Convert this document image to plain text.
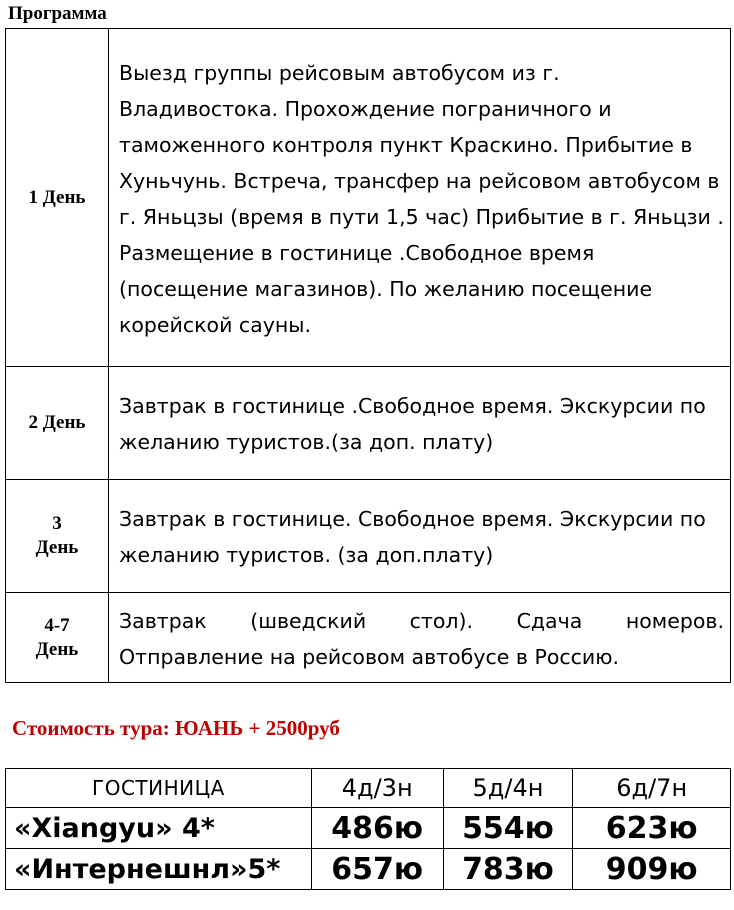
Программа
1 День	Выезд группы рейсовым автобусом из г. Владивостока. Прохождение пограничного и таможенного контроля пункт Краскино. Прибытие в Хуньчунь. Встреча, трансфер на рейсовом автобусом в г. Яньцзы (время в пути 1,5 час) Прибытие в г. Яньцзи . Размещение в гостинице .Свободное время (посещение магазинов). По желанию посещение корейской сауны.
2 День	Завтрак в гостинице .Свободное время. Экскурсии по желанию туристов.(за доп. плату)
3
День	Завтрак в гостинице. Свободное время. Экскурсии по желанию туристов. (за доп.плату)
4-7
День	Завтрак (шведский стол). Сдача номеров.
Отправление на рейсовом автобусе в Россию.
Стоимость тура: ЮАНЬ + 2500руб
ГОСТИНИЦА	4д/3н	5д/4н	6д/7н
«Xiangyu» 4*	486ю	554ю	623ю
«Интернешнл»5*	657ю	783ю	909ю
